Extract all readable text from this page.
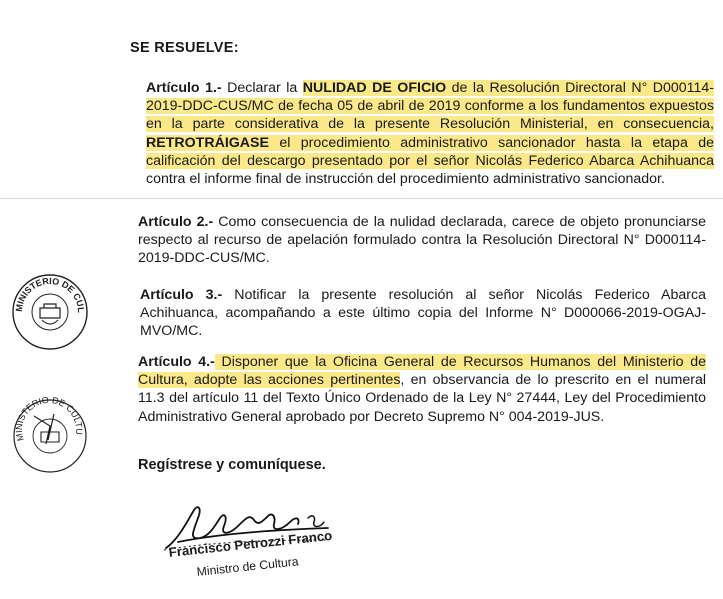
SE RESUELVE:

Artículo 1.- Declarar la NULIDAD DE OFICIO de la Resolución Directoral N° D000114-2019-DDC-CUS/MC de fecha 05 de abril de 2019 conforme a los fundamentos expuestos en la parte considerativa de la presente Resolución Ministerial, en consecuencia, RETROTRÁIGASE el procedimiento administrativo sancionador hasta la etapa de calificación del descargo presentado por el señor Nicolás Federico Abarca Achihuanca contra el informe final de instrucción del procedimiento administrativo sancionador.

Artículo 2.- Como consecuencia de la nulidad declarada, carece de objeto pronunciarse respecto al recurso de apelación formulado contra la Resolución Directoral N° D000114-2019-DDC-CUS/MC.

Artículo 3.- Notificar la presente resolución al señor Nicolás Federico Abarca Achihuanca, acompañando a este último copia del Informe N° D000066-2019-OGAJ-MVO/MC.

Artículo 4.- Disponer que la Oficina General de Recursos Humanos del Ministerio de Cultura, adopte las acciones pertinentes, en observancia de lo prescrito en el numeral 11.3 del artículo 11 del Texto Único Ordenado de la Ley N° 27444, Ley del Procedimiento Administrativo General aprobado por Decreto Supremo N° 004-2019-JUS.

Regístrese y comuníquese.
MINISTERIO DE CULTURA
MINISTERIO DE CULTURA
Francisco Petrozzi Franco
Ministro de Cultura
